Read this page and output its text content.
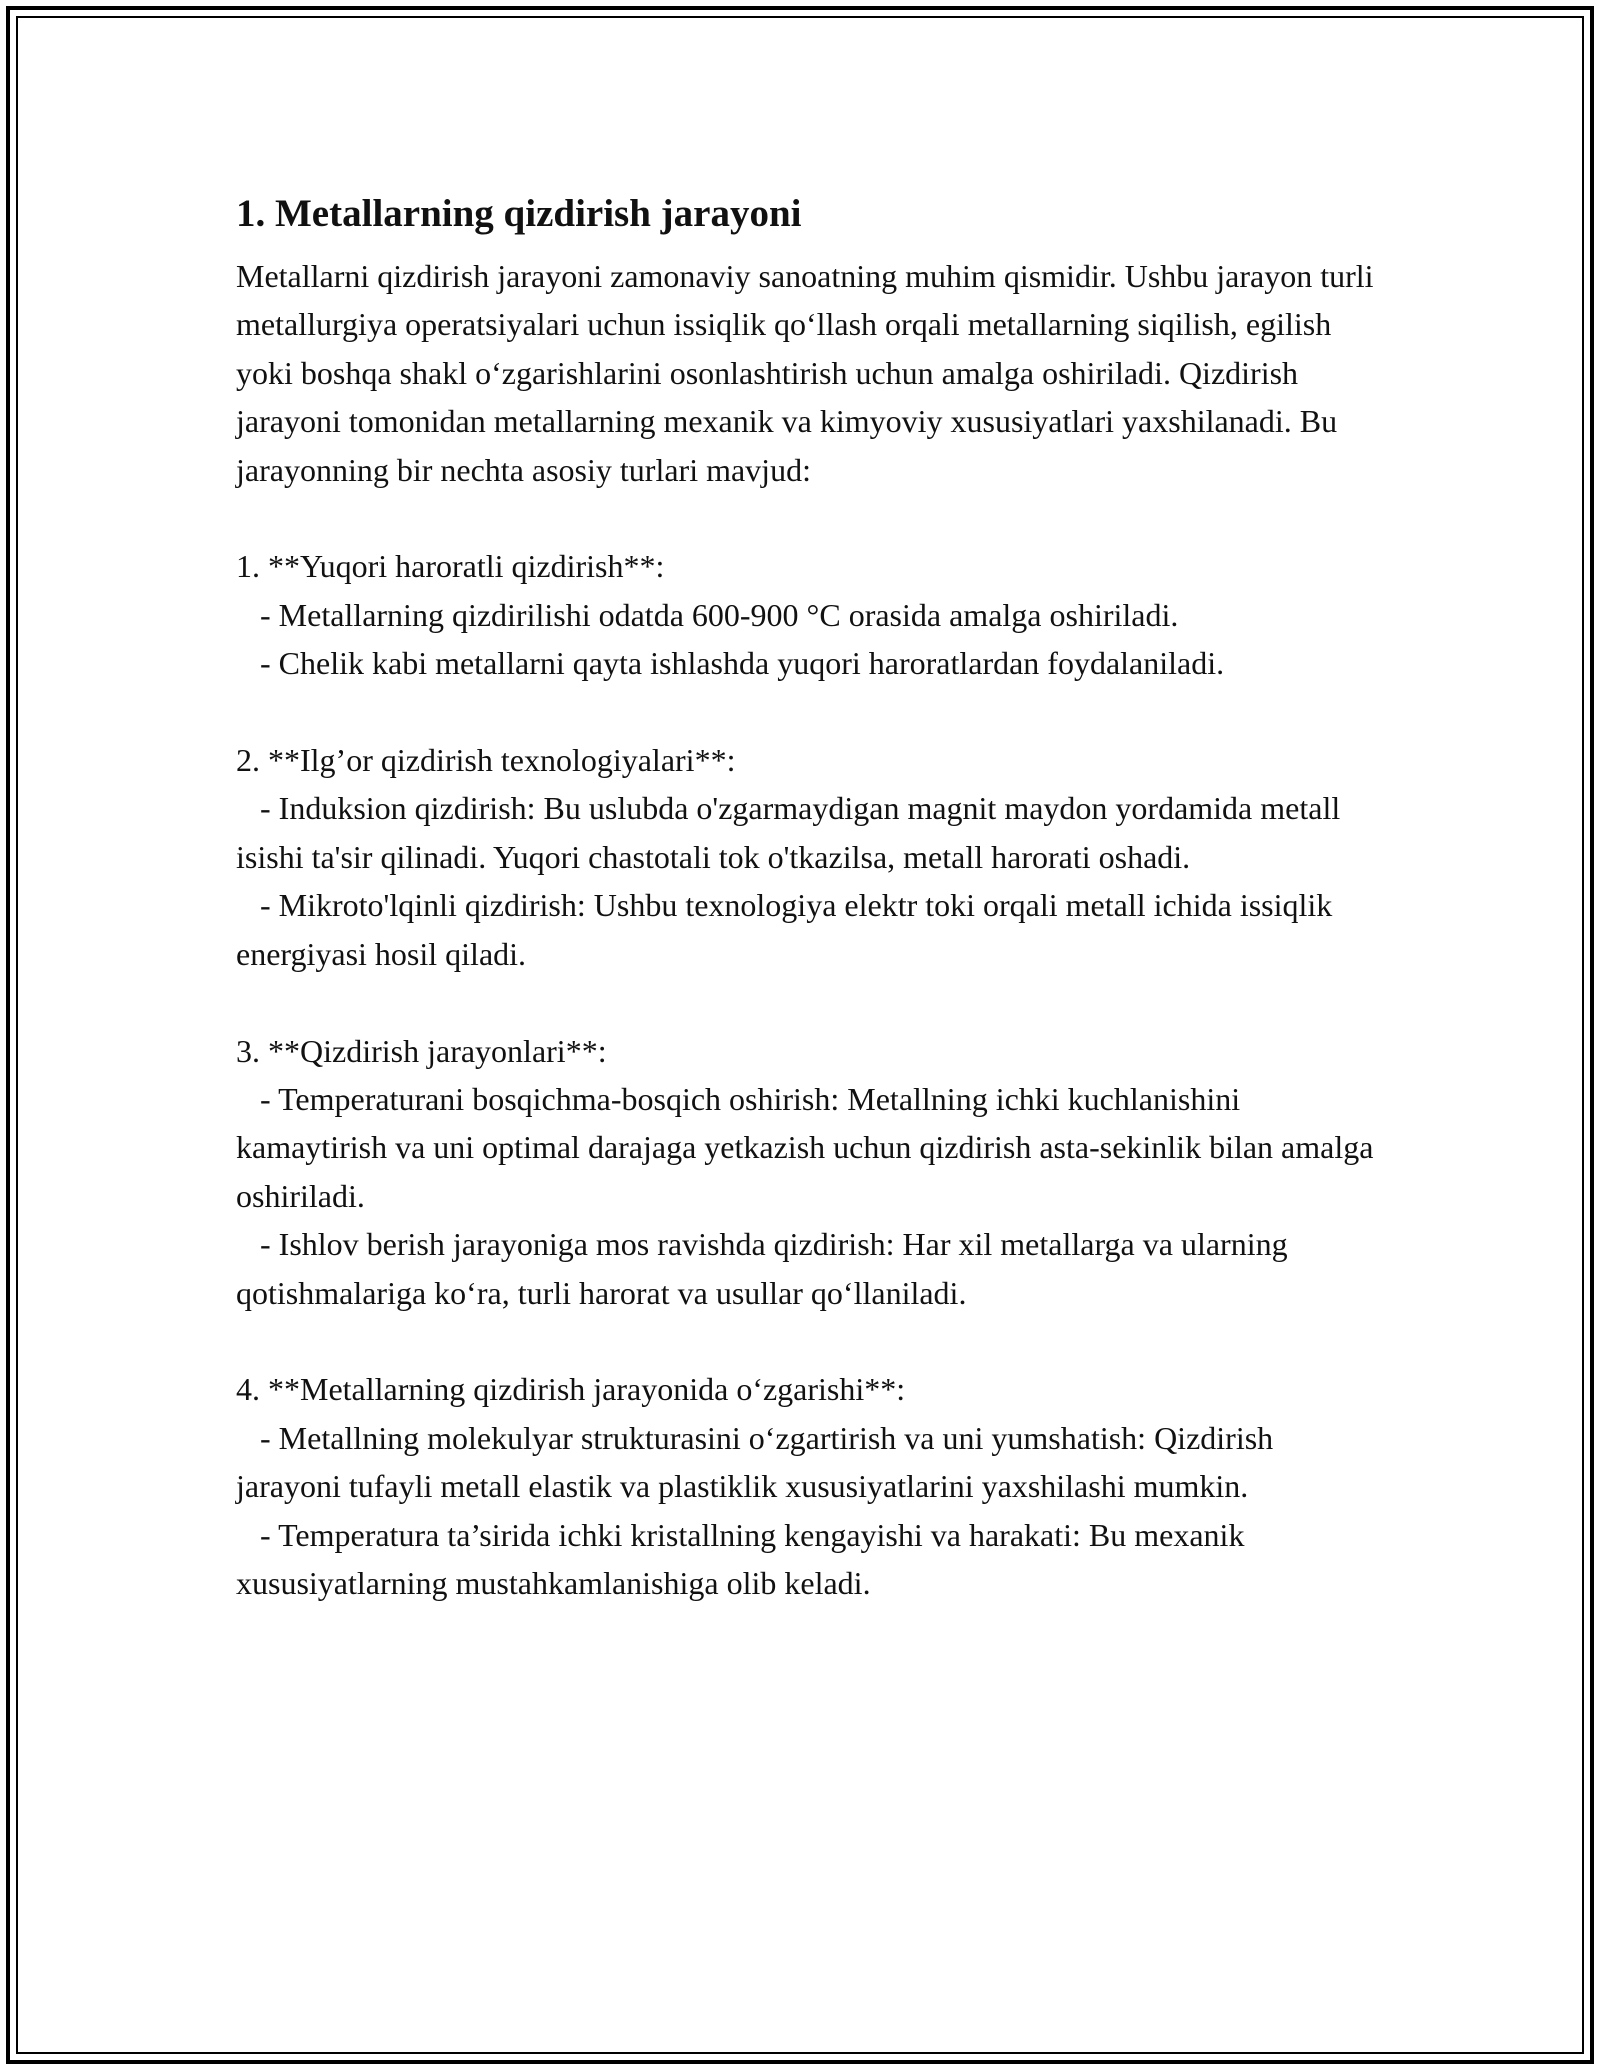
1. Metallarning qizdirish jarayoni
Metallarni qizdirish jarayoni zamonaviy sanoatning muhim qismidir. Ushbu jarayon turli metallurgiya operatsiyalari uchun issiqlik qo‘llash orqali metallarning siqilish, egilish yoki boshqa shakl o‘zgarishlarini osonlashtirish uchun amalga oshiriladi. Qizdirish jarayoni tomonidan metallarning mexanik va kimyoviy xususiyatlari yaxshilanadi. Bu jarayonning bir nechta asosiy turlari mavjud:

1. **Yuqori haroratli qizdirish**:
- Metallarning qizdirilishi odatda 600-900 °C orasida amalga oshiriladi.
- Chelik kabi metallarni qayta ishlashda yuqori haroratlardan foydalaniladi.

2. **Ilg’or qizdirish texnologiyalari**:
- Induksion qizdirish: Bu uslubda o'zgarmaydigan magnit maydon yordamida metall isishi ta'sir qilinadi. Yuqori chastotali tok o'tkazilsa, metall harorati oshadi.
- Mikroto'lqinli qizdirish: Ushbu texnologiya elektr toki orqali metall ichida issiqlik energiyasi hosil qiladi.

3. **Qizdirish jarayonlari**:
- Temperaturani bosqichma-bosqich oshirish: Metallning ichki kuchlanishini kamaytirish va uni optimal darajaga yetkazish uchun qizdirish asta-sekinlik bilan amalga oshiriladi.
- Ishlov berish jarayoniga mos ravishda qizdirish: Har xil metallarga va ularning qotishmalariga ko‘ra, turli harorat va usullar qo‘llaniladi.

4. **Metallarning qizdirish jarayonida o‘zgarishi**:
- Metallning molekulyar strukturasini o‘zgartirish va uni yumshatish: Qizdirish jarayoni tufayli metall elastik va plastiklik xususiyatlarini yaxshilashi mumkin.
- Temperatura ta’sirida ichki kristallning kengayishi va harakati: Bu mexanik xususiyatlarning mustahkamlanishiga olib keladi.
